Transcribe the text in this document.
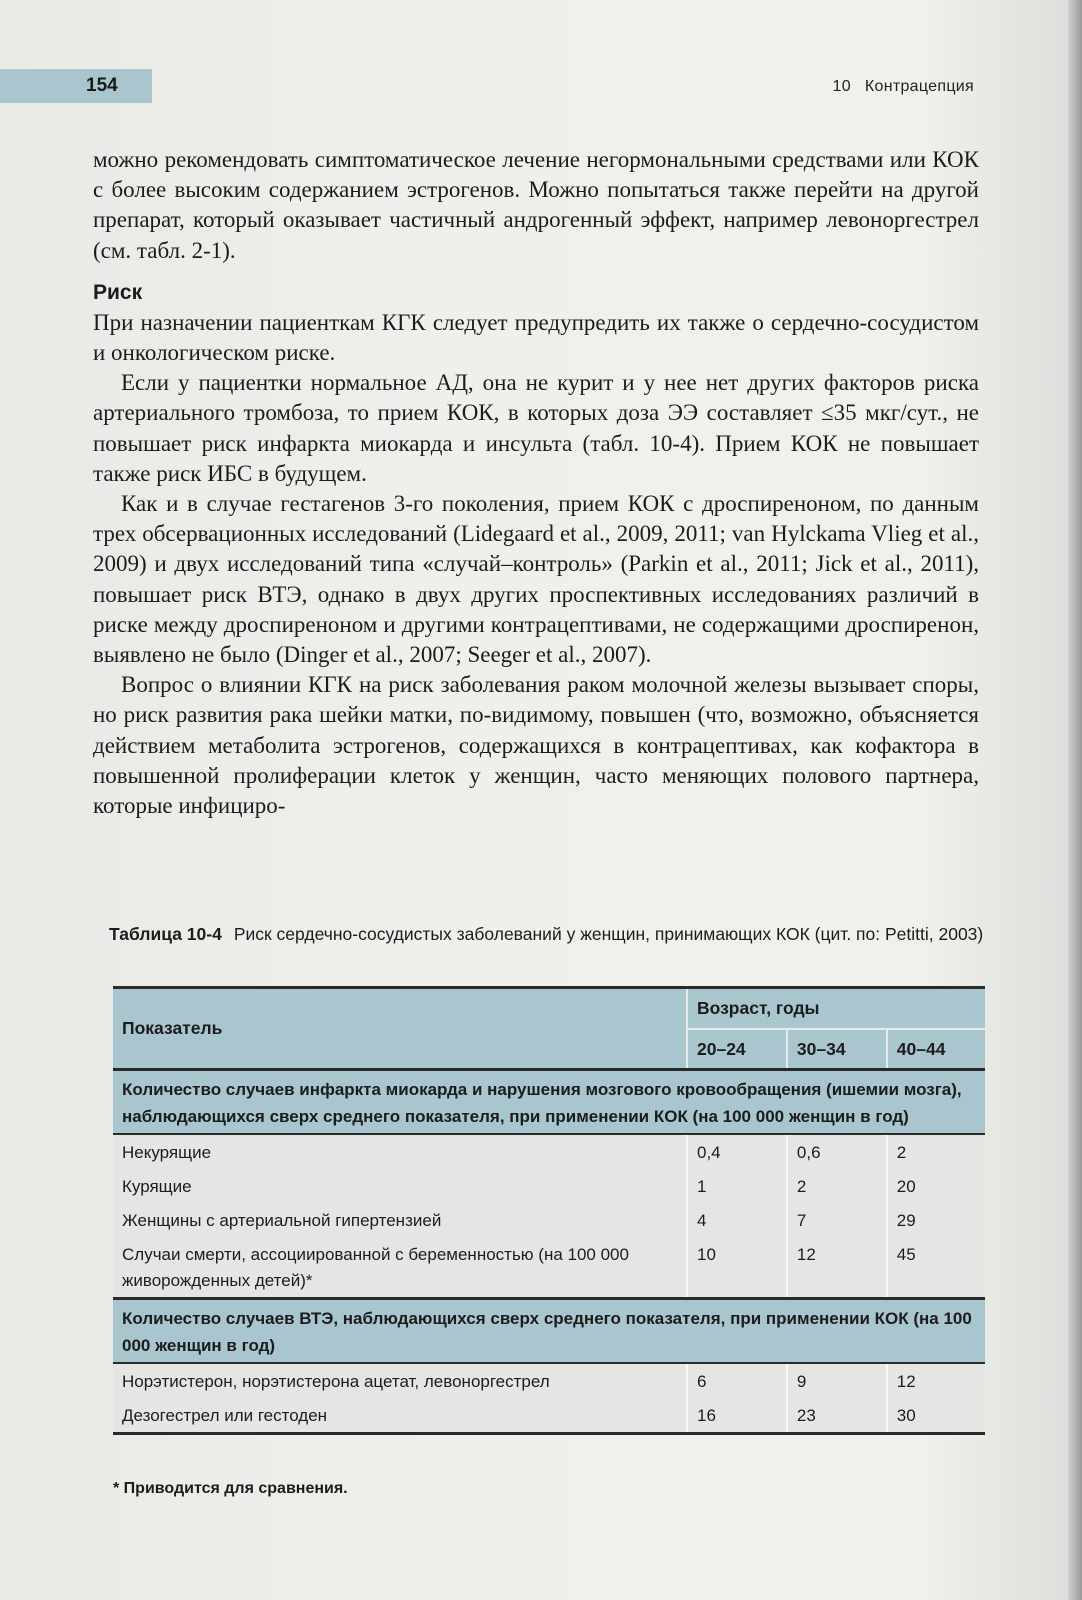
154	10 Контрацепция

можно рекомендовать симптоматическое лечение негормональными средствами или КОК с более высоким содержанием эстрогенов. Можно попытаться также перейти на другой препарат, который оказывает частичный андрогенный эффект, например левоноргестрел (см. табл. 2-1).

Риск

При назначении пациенткам КГК следует предупредить их также о сердечно-сосудистом и онкологическом риске.

Если у пациентки нормальное АД, она не курит и у нее нет других факторов риска артериального тромбоза, то прием КОК, в которых доза ЭЭ составляет ≤35 мкг/сут., не повышает риск инфаркта миокарда и инсульта (табл. 10-4). Прием КОК не повышает также риск ИБС в будущем.

Как и в случае гестагенов 3-го поколения, прием КОК с дроспиреноном, по данным трех обсервационных исследований (Lidegaard et al., 2009, 2011; van Hylckama Vlieg et al., 2009) и двух исследований типа «случай–контроль» (Parkin et al., 2011; Jick et al., 2011), повышает риск ВТЭ, однако в двух других проспективных исследованиях различий в риске между дроспиреноном и другими контрацептивами, не содержащими дроспиренон, выявлено не было (Dinger et al., 2007; Seeger et al., 2007).

Вопрос о влиянии КГК на риск заболевания раком молочной железы вызывает споры, но риск развития рака шейки матки, по-видимому, повышен (что, возможно, объясняется действием метаболита эстрогенов, содержащихся в контрацептивах, как кофактора в повышенной пролиферации клеток у женщин, часто меняющих полового партнера, которые инфициро-

Таблица 10-4 Риск сердечно-сосудистых заболеваний у женщин, принимающих КОК (цит. по: Petitti, 2003)
Показатель	Возраст, годы		
	20–24	30–34	40–44
Количество случаев инфаркта миокарда и нарушения мозгового кровообращения (ишемии мозга), наблюдающихся сверх среднего показателя, при применении КОК (на 100 000 женщин в год)			
Некурящие	0,4	0,6	2
Курящие	1	2	20
Женщины с артериальной гипертензией	4	7	29
Случаи смерти, ассоциированной с беременностью (на 100 000 живорожденных детей)*	10	12	45
Количество случаев ВТЭ, наблюдающихся сверх среднего показателя, при применении КОК (на 100 000 женщин в год)			
Норэтистерон, норэтистерона ацетат, левоноргестрел	6	9	12
Дезогестрел или гестоден	16	23	30
* Приводится для сравнения.
